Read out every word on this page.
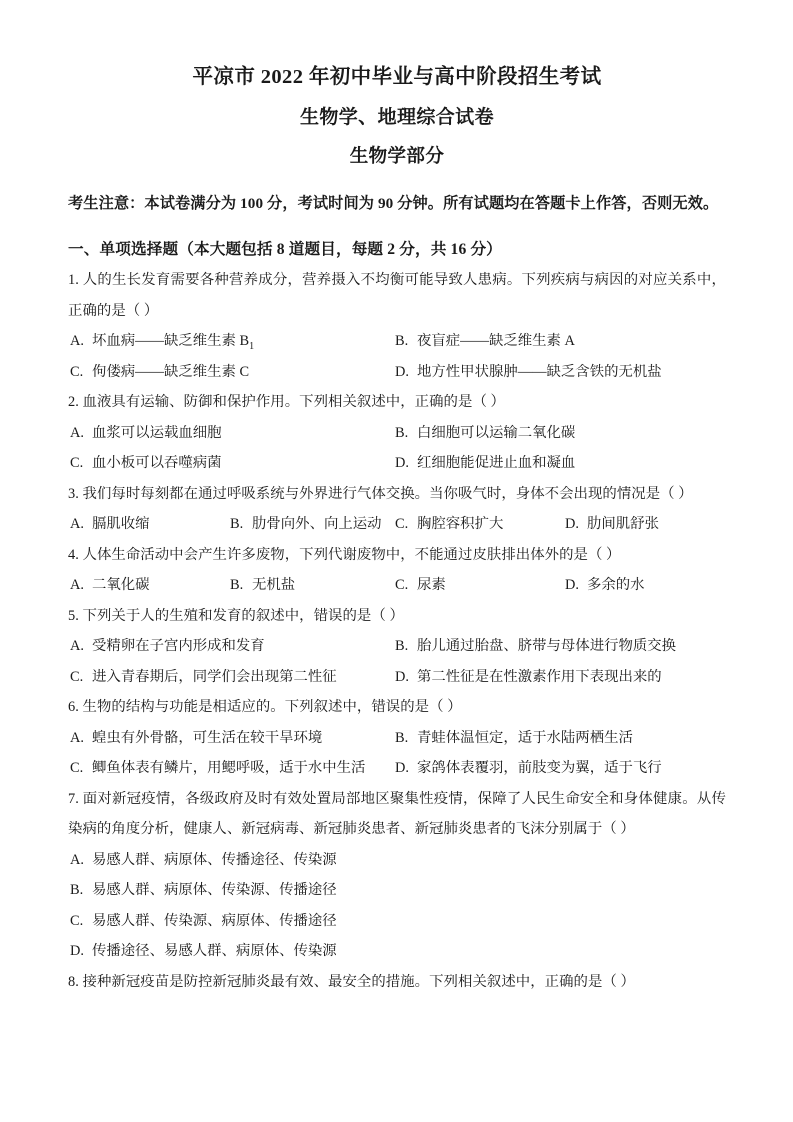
平凉市 2022 年初中毕业与高中阶段招生考试
生物学、地理综合试卷
生物学部分
考生注意：本试卷满分为 100 分，考试时间为 90 分钟。所有试题均在答题卡上作答，否则无效。
一、单项选择题（本大题包括 8 道题目，每题 2 分，共 16 分）
1. 人的生长发育需要各种营养成分，营养摄入不均衡可能导致人患病。下列疾病与病因的对应关系中，正确的是（ ）
A. 坏血病——缺乏维生素 $B_1$	B. 夜盲症——缺乏维生素 A
C. 佝偻病——缺乏维生素 C	D. 地方性甲状腺肿——缺乏含铁的无机盐
2. 血液具有运输、防御和保护作用。下列相关叙述中，正确的是（ ）
A. 血浆可以运载血细胞	B. 白细胞可以运输二氧化碳
C. 血小板可以吞噬病菌	D. 红细胞能促进止血和凝血
3. 我们每时每刻都在通过呼吸系统与外界进行气体交换。当你吸气时，身体不会出现的情况是（ ）
A. 膈肌收缩	B. 肋骨向外、向上运动 C. 胸腔容积扩大	D. 肋间肌舒张
4. 人体生命活动中会产生许多废物，下列代谢废物中，不能通过皮肤排出体外的是（ ）
A. 二氧化碳	B. 无机盐	C. 尿素	D. 多余的水
5. 下列关于人的生殖和发育的叙述中，错误的是（ ）
A. 受精卵在子宫内形成和发育	B. 胎儿通过胎盘、脐带与母体进行物质交换
C. 进入青春期后，同学们会出现第二性征	D. 第二性征是在性激素作用下表现出来的
6. 生物的结构与功能是相适应的。下列叙述中，错误的是（ ）
A. 蝗虫有外骨骼，可生活在较干旱环境	B. 青蛙体温恒定，适于水陆两栖生活
C. 鲫鱼体表有鳞片，用鳃呼吸，适于水中生活 D. 家鸽体表覆羽，前肢变为翼，适于飞行
7. 面对新冠疫情，各级政府及时有效处置局部地区聚集性疫情，保障了人民生命安全和身体健康。从传染病的角度分析，健康人、新冠病毒、新冠肺炎患者、新冠肺炎患者的飞沫分别属于（ ）
A. 易感人群、病原体、传播途径、传染源
B. 易感人群、病原体、传染源、传播途径
C. 易感人群、传染源、病原体、传播途径
D. 传播途径、易感人群、病原体、传染源
8. 接种新冠疫苗是防控新冠肺炎最有效、最安全的措施。下列相关叙述中，正确的是（ ）
